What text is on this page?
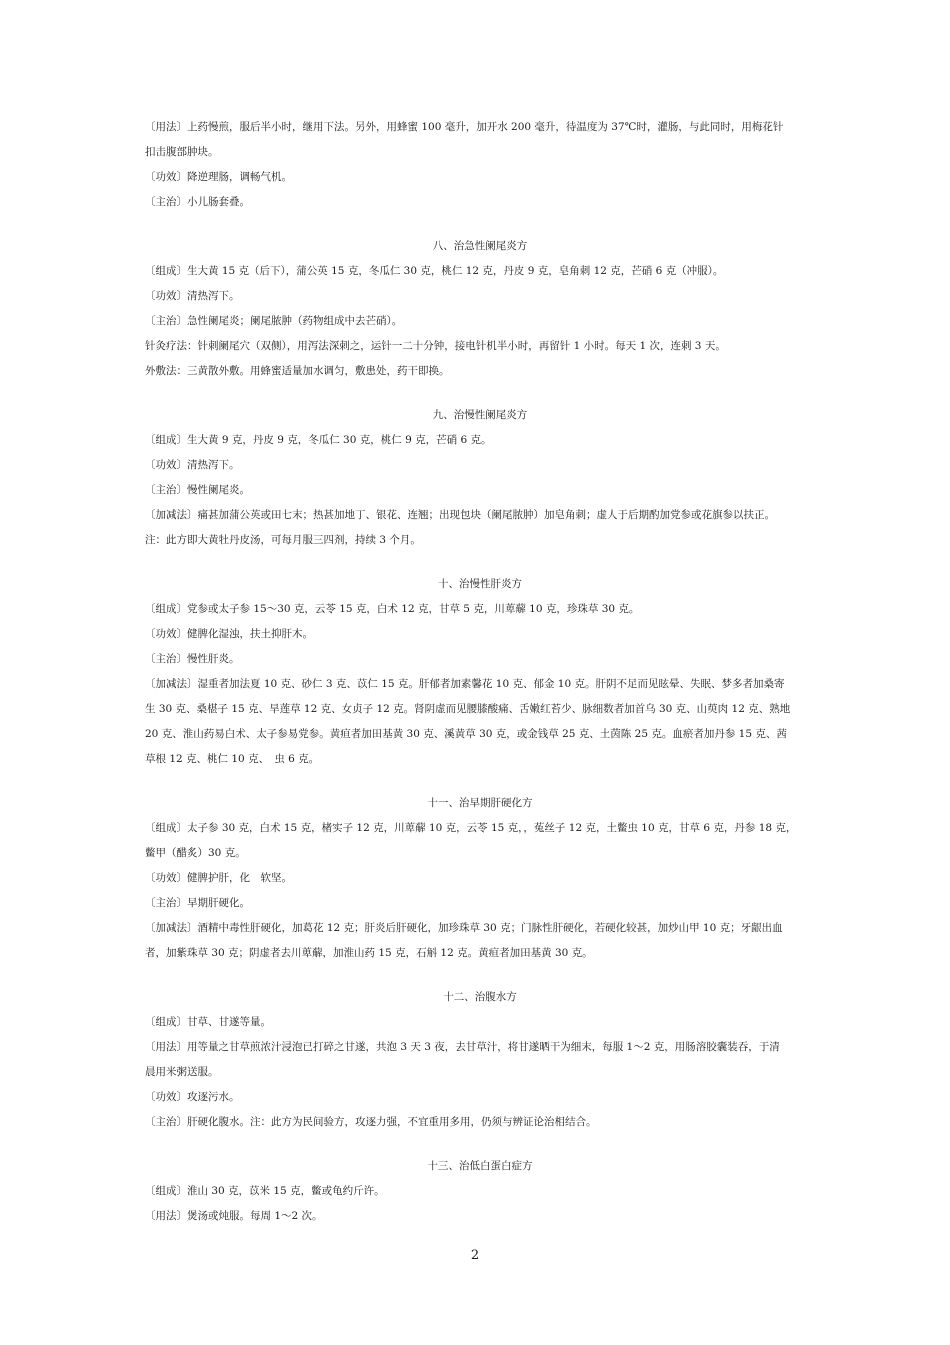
〔用法〕上药慢煎，服后半小时，继用下法。另外，用蜂蜜 100 毫升，加开水 200 毫升，待温度为 37℃时，灌肠，与此同时，用梅花针
扣击腹部肿块。
〔功效〕降逆理肠，调畅气机。
〔主治〕小儿肠套叠。
八、治急性阑尾炎方
〔组成〕生大黄 15 克（后下），蒲公英 15 克，冬瓜仁 30 克，桃仁 12 克，丹皮 9 克，皂角刺 12 克，芒硝 6 克（冲服）。
〔功效〕清热泻下。
〔主治〕急性阑尾炎；阑尾脓肿（药物组成中去芒硝）。
针灸疗法：针刺阑尾穴（双侧），用泻法深刺之，运针一二十分钟，接电针机半小时，再留针 1 小时。每天 1 次，连刺 3 天。
外敷法：三黄散外敷。用蜂蜜适量加水调匀，敷患处，药干即换。
九、治慢性阑尾炎方
〔组成〕生大黄 9 克，丹皮 9 克，冬瓜仁 30 克，桃仁 9 克，芒硝 6 克。
〔功效〕清热泻下。
〔主治〕慢性阑尾炎。
〔加减法〕痛甚加蒲公英或田七末；热甚加地丁、银花、连翘；出现包块（阑尾脓肿）加皂角刺；虚人于后期酌加党参或花旗参以扶正。
注：此方即大黄牡丹皮汤，可每月服三四剂，持续 3 个月。
十、治慢性肝炎方
〔组成〕党参或太子参 15～30 克，云苓 15 克，白术 12 克，甘草 5 克，川萆薢 10 克，珍珠草 30 克。
〔功效〕健脾化湿浊，扶土抑肝木。
〔主治〕慢性肝炎。
〔加减法〕湿重者加法夏 10 克、砂仁 3 克、苡仁 15 克。肝郁者加素馨花 10 克、郁金 10 克。肝阴不足而见眩晕、失眠、梦多者加桑寄
生 30 克、桑椹子 15 克、旱莲草 12 克、女贞子 12 克。肾阴虚而见腰膝酸痛、舌嫩红苔少、脉细数者加首乌 30 克、山萸肉 12 克、熟地
20 克、淮山药易白术、太子参易党参。黄疸者加田基黄 30 克、溪黄草 30 克，或金钱草 25 克、土茵陈 25 克。血瘀者加丹参 15 克、茜
草根 12 克、桃仁 10 克、　虫 6 克。
十一、治早期肝硬化方
〔组成〕太子参 30 克，白术 15 克，楮实子 12 克，川萆薢 10 克，云苓 15 克，，菟丝子 12 克，土鳖虫 10 克，甘草 6 克，丹参 18 克，
鳖甲（醋炙）30 克。
〔功效〕健脾护肝，化　软坚。
〔主治〕早期肝硬化。
〔加减法〕酒精中毒性肝硬化，加葛花 12 克；肝炎后肝硬化，加珍珠草 30 克；门脉性肝硬化，若硬化较甚，加炒山甲 10 克；牙龈出血
者，加紫珠草 30 克；阴虚者去川萆薢，加淮山药 15 克，石斛 12 克。黄疸者加田基黄 30 克。
十二、治腹水方
〔组成〕甘草、甘遂等量。
〔用法〕用等量之甘草煎浓汁浸泡已打碎之甘遂，共泡 3 天 3 夜，去甘草汁，将甘遂晒干为细末，每服 1～2 克，用肠溶胶囊装吞，于清
晨用米粥送服。
〔功效〕攻逐污水。
〔主治〕肝硬化腹水。注：此方为民间验方，攻逐力强，不宜重用多用，仍须与辨证论治相结合。
十三、治低白蛋白症方
〔组成〕淮山 30 克，苡米 15 克，鳖或龟约斤许。
〔用法〕煲汤或炖服。每周 1～2 次。
2
